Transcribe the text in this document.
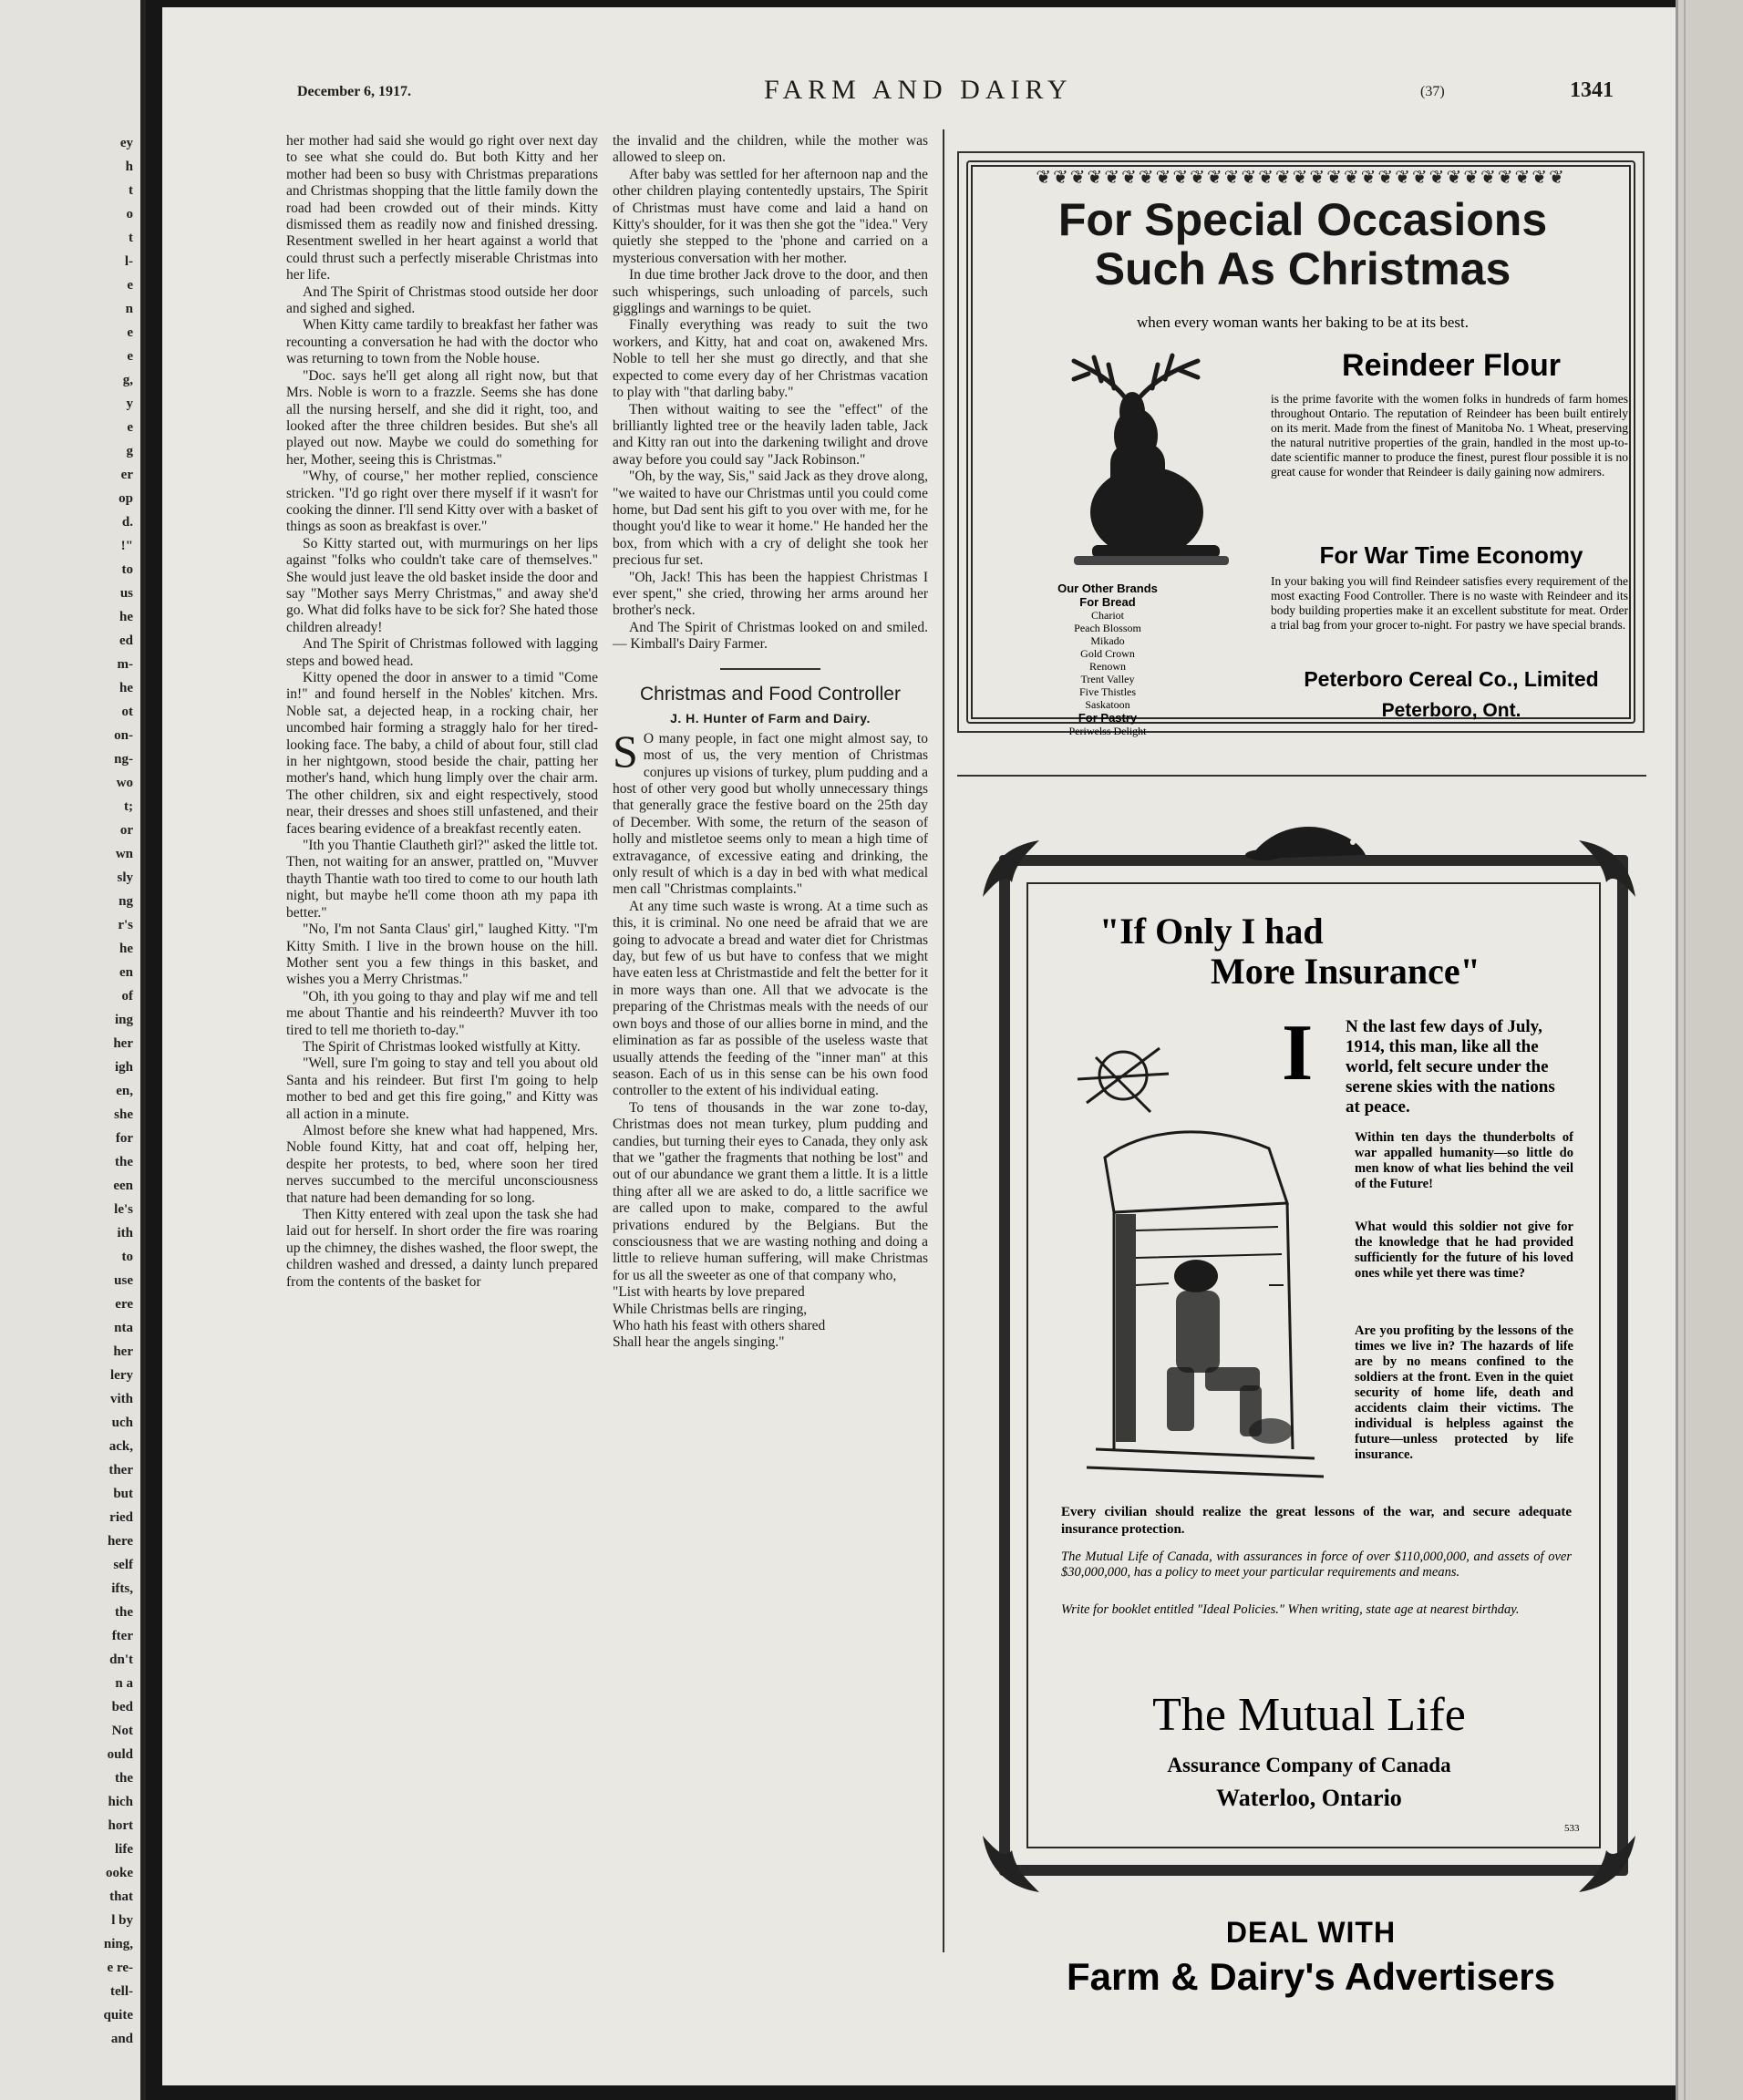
ey
h
t
o
t
l-
e
n
e
e
g,
y
e
g
er
op
d.
!"
to
us
he
ed
m-
he
ot
on-
ng-
wo
t;
or
wn
sly
ng
r's
he
en
of
ing
her
igh
en,
she
for
the
een
le's
ith
to
use
ere
nta
her
lery
vith
uch
ack,
ther
but
ried
here
self
ifts,
the
fter
dn't
n a
bed
Not
ould
the
hich
hort
life
ooke
that
l by
ning,
e re-
tell-
quite
and
December 6, 1917.	FARM AND DAIRY	(37)	1341

her mother had said she would go right over next day to see what she could do. But both Kitty and her mother had been so busy with Christmas preparations and Christmas shopping that the little family down the road had been crowded out of their minds. Kitty dismissed them as readily now and finished dressing. Resentment swelled in her heart against a world that could thrust such a perfectly miserable Christmas into her life.

And The Spirit of Christmas stood outside her door and sighed and sighed.

When Kitty came tardily to breakfast her father was recounting a conversation he had with the doctor who was returning to town from the Noble house.

"Doc. says he'll get along all right now, but that Mrs. Noble is worn to a frazzle. Seems she has done all the nursing herself, and she did it right, too, and looked after the three children besides. But she's all played out now. Maybe we could do something for her, Mother, seeing this is Christmas."

"Why, of course," her mother replied, conscience stricken. "I'd go right over there myself if it wasn't for cooking the dinner. I'll send Kitty over with a basket of things as soon as breakfast is over."

So Kitty started out, with murmurings on her lips against "folks who couldn't take care of themselves." She would just leave the old basket inside the door and say "Mother says Merry Christmas," and away she'd go. What did folks have to be sick for? She hated those children already!

And The Spirit of Christmas followed with lagging steps and bowed head.

Kitty opened the door in answer to a timid "Come in!" and found herself in the Nobles' kitchen. Mrs. Noble sat, a dejected heap, in a rocking chair, her uncombed hair forming a straggly halo for her tired-looking face. The baby, a child of about four, still clad in her nightgown, stood beside the chair, patting her mother's hand, which hung limply over the chair arm. The other children, six and eight respectively, stood near, their dresses and shoes still unfastened, and their faces bearing evidence of a breakfast recently eaten.

"Ith you Thantie Clautheth girl?" asked the little tot. Then, not waiting for an answer, prattled on, "Muvver thayth Thantie wath too tired to come to our houth lath night, but maybe he'll come thoon ath my papa ith better."

"No, I'm not Santa Claus' girl," laughed Kitty. "I'm Kitty Smith. I live in the brown house on the hill. Mother sent you a few things in this basket, and wishes you a Merry Christmas."

"Oh, ith you going to thay and play wif me and tell me about Thantie and his reindeerth? Muvver ith too tired to tell me thorieth to-day."

The Spirit of Christmas looked wistfully at Kitty.

"Well, sure I'm going to stay and tell you about old Santa and his reindeer. But first I'm going to help mother to bed and get this fire going," and Kitty was all action in a minute.

Almost before she knew what had happened, Mrs. Noble found Kitty, hat and coat off, helping her, despite her protests, to bed, where soon her tired nerves succumbed to the merciful unconsciousness that nature had been demanding for so long.

Then Kitty entered with zeal upon the task she had laid out for herself. In short order the fire was roaring up the chimney, the dishes washed, the floor swept, the children washed and dressed, a dainty lunch prepared from the contents of the basket for

the invalid and the children, while the mother was allowed to sleep on.

After baby was settled for her afternoon nap and the other children playing contentedly upstairs, The Spirit of Christmas must have come and laid a hand on Kitty's shoulder, for it was then she got the "idea." Very quietly she stepped to the 'phone and carried on a mysterious conversation with her mother.

In due time brother Jack drove to the door, and then such whisperings, such unloading of parcels, such gigglings and warnings to be quiet.

Finally everything was ready to suit the two workers, and Kitty, hat and coat on, awakened Mrs. Noble to tell her she must go directly, and that she expected to come every day of her Christmas vacation to play with "that darling baby."

Then without waiting to see the "effect" of the brilliantly lighted tree or the heavily laden table, Jack and Kitty ran out into the darkening twilight and drove away before you could say "Jack Robinson."

"Oh, by the way, Sis," said Jack as they drove along, "we waited to have our Christmas until you could come home, but Dad sent his gift to you over with me, for he thought you'd like to wear it home." He handed her the box, from which with a cry of delight she took her precious fur set.

"Oh, Jack! This has been the happiest Christmas I ever spent," she cried, throwing her arms around her brother's neck.

And The Spirit of Christmas looked on and smiled. — Kimball's Dairy Farmer.

Christmas and Food Controller
J. H. Hunter of Farm and Dairy.

S O many people, in fact one might almost say, to most of us, the very mention of Christmas conjures up visions of turkey, plum pudding and a host of other very good but wholly unnecessary things that generally grace the festive board on the 25th day of December. With some, the return of the season of holly and mistletoe seems only to mean a high time of extravagance, of excessive eating and drinking, the only result of which is a day in bed with what medical men call "Christmas complaints."

At any time such waste is wrong. At a time such as this, it is criminal. No one need be afraid that we are going to advocate a bread and water diet for Christmas day, but few of us but have to confess that we might have eaten less at Christmastide and felt the better for it in more ways than one. All that we advocate is the preparing of the Christmas meals with the needs of our own boys and those of our allies borne in mind, and the elimination as far as possible of the useless waste that usually attends the feeding of the "inner man" at this season. Each of us in this sense can be his own food controller to the extent of his individual eating.

To tens of thousands in the war zone to-day, Christmas does not mean turkey, plum pudding and candies, but turning their eyes to Canada, they only ask that we "gather the fragments that nothing be lost" and out of our abundance we grant them a little. It is a little thing after all we are asked to do, a little sacrifice we are called upon to make, compared to the awful privations endured by the Belgians. But the consciousness that we are wasting nothing and doing a little to relieve human suffering, will make Christmas for us all the sweeter as one of that company who,

"List with hearts by love prepared
While Christmas bells are ringing,
Who hath his feast with others shared
Shall hear the angels singing."
❦❦❦❦❦❦❦❦❦❦❦❦❦❦❦❦❦❦❦❦❦❦❦❦❦❦❦❦❦❦❦
For Special Occasions
Such As Christmas
when every woman wants her baking to be at its best.
Our Other Brands
For Bread
Chariot
Peach Blossom
Mikado
Gold Crown
Renown
Trent Valley
Five Thistles
Saskatoon
For Pastry
Periwelss Delight
Reindeer Flour
is the prime favorite with the women folks in hundreds of farm homes throughout Ontario. The reputation of Reindeer has been built entirely on its merit. Made from the finest of Manitoba No. 1 Wheat, preserving the natural nutritive properties of the grain, handled in the most up-to-date scientific manner to produce the finest, purest flour possible it is no great cause for wonder that Reindeer is daily gaining now admirers.
For War Time Economy
In your baking you will find Reindeer satisfies every requirement of the most exacting Food Controller. There is no waste with Reindeer and its body building properties make it an excellent substitute for meat. Order a trial bag from your grocer to-night. For pastry we have special brands.
Peterboro Cereal Co., Limited
Peterboro, Ont.
"If Only I had
More Insurance"
I N the last few days of July, 1914, this man, like all the world, felt secure under the serene skies with the nations at peace.
Within ten days the thunderbolts of war appalled humanity—so little do men know of what lies behind the veil of the Future!
What would this soldier not give for the knowledge that he had provided sufficiently for the future of his loved ones while yet there was time?
Are you profiting by the lessons of the times we live in? The hazards of life are by no means confined to the soldiers at the front. Even in the quiet security of home life, death and accidents claim their victims. The individual is helpless against the future—unless protected by life insurance.
Every civilian should realize the great lessons of the war, and secure adequate insurance protection.
The Mutual Life of Canada, with assurances in force of over $110,000,000, and assets of over $30,000,000, has a policy to meet your particular requirements and means.
Write for booklet entitled "Ideal Policies." When writing, state age at nearest birthday.
The Mutual Life
Assurance Company of Canada
Waterloo, Ontario
533
DEAL WITH
Farm & Dairy's Advertisers
